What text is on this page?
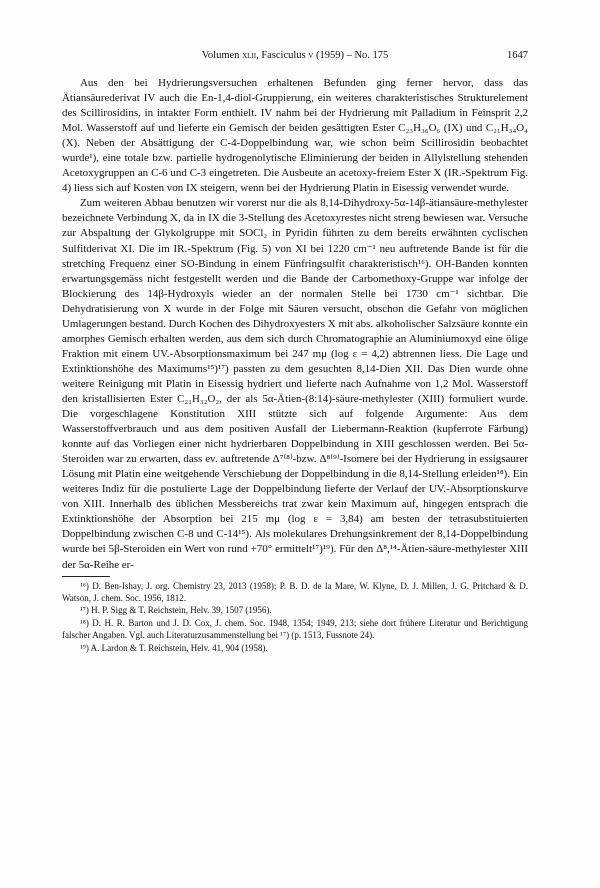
Volumen xlii, Fasciculus v (1959) – No. 175	1647

Aus den bei Hydrierungsversuchen erhaltenen Befunden ging ferner hervor, dass das Ätiansäurederivat IV auch die En-1,4-diol-Gruppierung, ein weiteres charakteristisches Strukturelement des Scillirosidins, in intakter Form enthielt. IV nahm bei der Hydrierung mit Palladium in Feinsprit 2,2 Mol. Wasserstoff auf und lieferte ein Gemisch der beiden gesättigten Ester C₂₃H₃₆O₆ (IX) und C₂₁H₃₄O₄ (X). Neben der Absättigung der C-4-Doppelbindung war, wie schon beim Scillirosidin beobachtet wurde¹), eine totale bzw. partielle hydrogenolytische Eliminierung der beiden in Allylstellung stehenden Acetoxygruppen an C-6 und C-3 eingetreten. Die Ausbeute an acetoxy-freiem Ester X (IR.-Spektrum Fig. 4) liess sich auf Kosten von IX steigern, wenn bei der Hydrierung Platin in Eisessig verwendet wurde.

Zum weiteren Abbau benutzen wir vorerst nur die als 8,14-Dihydroxy-5α-14β-ätiansäure-methylester bezeichnete Verbindung X, da in IX die 3-Stellung des Acetoxyrestes nicht streng bewiesen war. Versuche zur Abspaltung der Glykolgruppe mit SOCl₂ in Pyridin führten zu dem bereits erwähnten cyclischen Sulfitderivat XI. Die im IR.-Spektrum (Fig. 5) von XI bei 1220 cm⁻¹ neu auftretende Bande ist für die stretching Frequenz einer SO-Bindung in einem Fünfringsulfit charakteristisch¹⁶). OH-Banden konnten erwartungsgemäss nicht festgestellt werden und die Bande der Carbomethoxy-Gruppe war infolge der Blockierung des 14β-Hydroxyls wieder an der normalen Stelle bei 1730 cm⁻¹ sichtbar. Die Dehydratisierung von X wurde in der Folge mit Säuren versucht, obschon die Gefahr von möglichen Umlagerungen bestand. Durch Kochen des Dihydroxyesters X mit abs. alkoholischer Salzsäure konnte ein amorphes Gemisch erhalten werden, aus dem sich durch Chromatographie an Aluminiumoxyd eine ölige Fraktion mit einem UV.-Absorptionsmaximum bei 247 mμ (log ε = 4,2) abtrennen liess. Die Lage und Extinktionshöhe des Maximums¹⁵)¹⁷) passten zu dem gesuchten 8,14-Dien XII. Das Dien wurde ohne weitere Reinigung mit Platin in Eisessig hydriert und lieferte nach Aufnahme von 1,2 Mol. Wasserstoff den kristallisierten Ester C₂₁H₃₂O₂, der als 5α-Ätien-(8:14)-säure-methylester (XIII) formuliert wurde. Die vorgeschlagene Konstitution XIII stützte sich auf folgende Argumente: Aus dem Wasserstoffverbrauch und aus dem positiven Ausfall der Liebermann-Reaktion (kupferrote Färbung) konnte auf das Vorliegen einer nicht hydrierbaren Doppelbindung in XIII geschlossen werden. Bei 5α-Steroiden war zu erwarten, dass ev. auftretende Δ⁷⁽⁸⁾-bzw. Δ⁸⁽⁹⁾-Isomere bei der Hydrierung in essigsaurer Lösung mit Platin eine weitgehende Verschiebung der Doppelbindung in die 8,14-Stellung erleiden¹⁸). Ein weiteres Indiz für die postulierte Lage der Doppelbindung lieferte der Verlauf der UV.-Absorptionskurve von XIII. Innerhalb des üblichen Messbereichs trat zwar kein Maximum auf, hingegen entsprach die Extinktionshöhe der Absorption bei 215 mμ (log ε = 3,84) am besten der tetrasubstituierten Doppelbindung zwischen C-8 und C-14¹⁵). Als molekulares Drehungsinkrement der 8,14-Doppelbindung wurde bei 5β-Steroiden ein Wert von rund +70° ermittelt¹⁷)¹⁹). Für den Δ⁸,¹⁴-Ätien-säure-methylester XIII der 5α-Reihe er-

¹⁶) D. Ben-Ishay, J. org. Chemistry 23, 2013 (1958); P. B. D. de la Mare, W. Klyne, D. J. Millen, J. G. Pritchard & D. Watson, J. chem. Soc. 1956, 1812.

¹⁷) H. P. Sigg & T. Reichstein, Helv. 39, 1507 (1956).

¹⁸) D. H. R. Barton und J. D. Cox, J. chem. Soc. 1948, 1354; 1949, 213; siehe dort frühere Literatur und Berichtigung falscher Angaben. Vgl. auch Literaturzusammenstellung bei ¹⁷) (p. 1513, Fussnote 24).

¹⁹) A. Lardon & T. Reichstein, Helv. 41, 904 (1958).
